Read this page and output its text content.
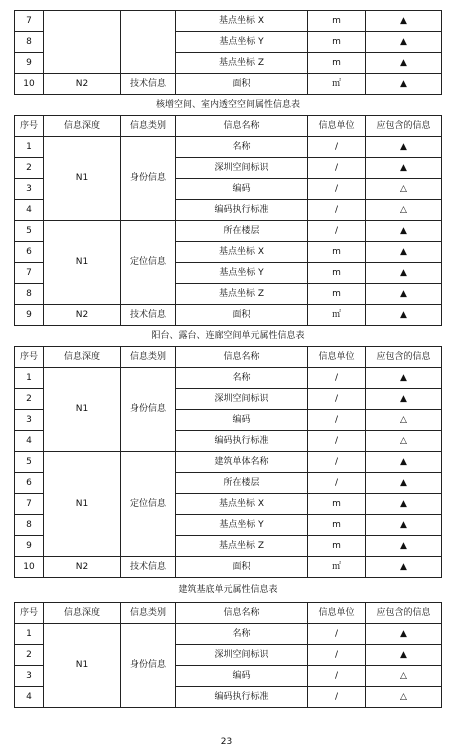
7			基点坐标 X	m	▲
8			基点坐标 Y	m	▲
9			基点坐标 Z	m	▲
10	N2	技术信息	面积	㎡	▲
核增空间、室内透空空间属性信息表					
序号	信息深度	信息类别	信息名称	信息单位	应包含的信息
1	N1	身份信息	名称	/	▲
2			深圳空间标识	/	▲
3			编码	/	△
4			编码执行标准	/	△
5	N1	定位信息	所在楼层	/	▲
6			基点坐标 X	m	▲
7			基点坐标 Y	m	▲
8			基点坐标 Z	m	▲
9	N2	技术信息	面积	㎡	▲
阳台、露台、连廊空间单元属性信息表					
序号	信息深度	信息类别	信息名称	信息单位	应包含的信息
1	N1	身份信息	名称	/	▲
2			深圳空间标识	/	▲
3			编码	/	△
4			编码执行标准	/	△
5	N1	定位信息	建筑单体名称	/	▲
6			所在楼层	/	▲
7			基点坐标 X	m	▲
8			基点坐标 Y	m	▲
9			基点坐标 Z	m	▲
10	N2	技术信息	面积	㎡	▲
建筑基底单元属性信息表					
序号	信息深度	信息类别	信息名称	信息单位	应包含的信息
1	N1	身份信息	名称	/	▲
2			深圳空间标识	/	▲
3			编码	/	△
4			编码执行标准	/	△
23
